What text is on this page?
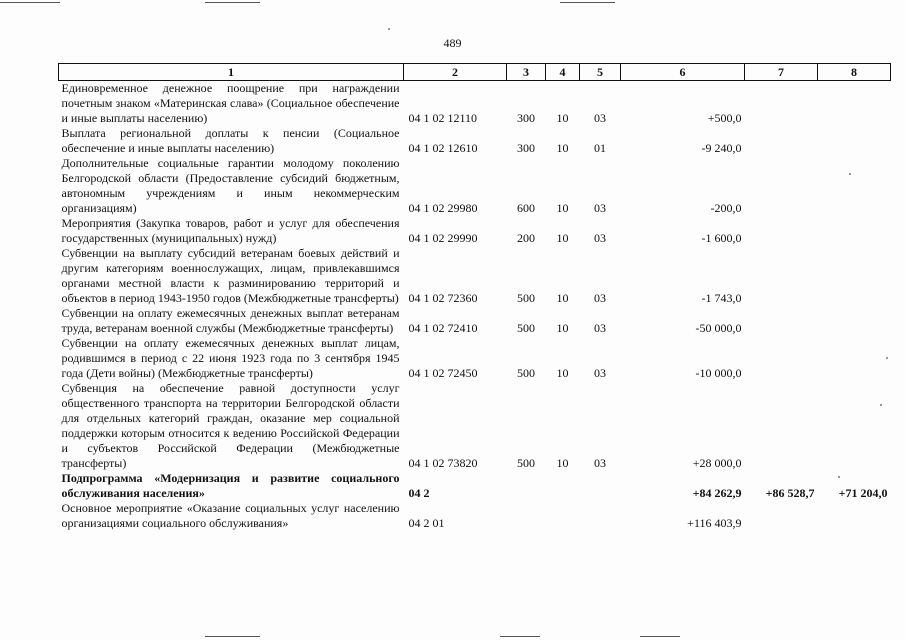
489
1	2	3	4	5	6	7	8
Единовременное денежное поощрение при награждении почетным знаком «Материнская слава» (Социальное обеспечение и иные выплаты населению)	04 1 02 12110	300	10	03	+500,0		
Выплата региональной доплаты к пенсии (Социальное обеспечение и иные выплаты населению)	04 1 02 12610	300	10	01	-9 240,0		
Дополнительные социальные гарантии молодому поколению Белгородской области (Предоставление субсидий бюджетным, автономным учреждениям и иным некоммерческим организациям)	04 1 02 29980	600	10	03	-200,0		
Мероприятия (Закупка товаров, работ и услуг для обеспечения государственных (муниципальных) нужд)	04 1 02 29990	200	10	03	-1 600,0		
Субвенции на выплату субсидий ветеранам боевых действий и другим категориям военнослужащих, лицам, привлекавшимся органами местной власти к разминированию территорий и объектов в период 1943-1950 годов (Межбюджетные трансферты)	04 1 02 72360	500	10	03	-1 743,0		
Субвенции на оплату ежемесячных денежных выплат ветеранам труда, ветеранам военной службы (Межбюджетные трансферты)	04 1 02 72410	500	10	03	-50 000,0		
Субвенции на оплату ежемесячных денежных выплат лицам, родившимся в период с 22 июня 1923 года по 3 сентября 1945 года (Дети войны) (Межбюджетные трансферты)	04 1 02 72450	500	10	03	-10 000,0		
Субвенция на обеспечение равной доступности услуг общественного транспорта на территории Белгородской области для отдельных категорий граждан, оказание мер социальной поддержки которым относится к ведению Российской Федерации и субъектов Российской Федерации (Межбюджетные трансферты)	04 1 02 73820	500	10	03	+28 000,0		
Подпрограмма «Модернизация и развитие социального обслуживания населения»	04 2				+84 262,9	+86 528,7	+71 204,0
Основное мероприятие «Оказание социальных услуг населению организациями социального обслуживания»	04 2 01				+116 403,9		
